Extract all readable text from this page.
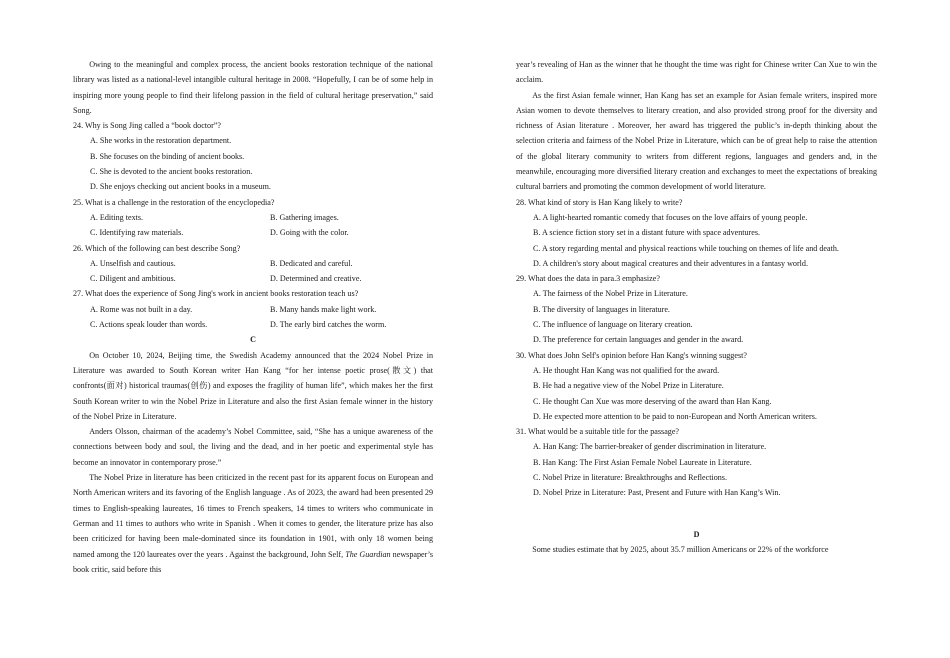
Owing to the meaningful and complex process, the ancient books restoration technique of the national library was listed as a national-level intangible cultural heritage in 2008. “Hopefully, I can be of some help in inspiring more young people to find their lifelong passion in the field of cultural heritage preservation,” said Song.

24. Why is Song Jing called a “book doctor”?

A. She works in the restoration department.

B. She focuses on the binding of ancient books.

C. She is devoted to the ancient books restoration.

D. She enjoys checking out ancient books in a museum.

25. What is a challenge in the restoration of the encyclopedia?

A. Editing texts.	B. Gathering images.
C. Identifying raw materials.	D. Going with the color.

26. Which of the following can best describe Song?

A. Unselfish and cautious.	B. Dedicated and careful.
C. Diligent and ambitious.	D. Determined and creative.

27. What does the experience of Song Jing's work in ancient books restoration teach us?

A. Rome was not built in a day.	B. Many hands make light work.
C. Actions speak louder than words.	D. The early bird catches the worm.

C

On October 10, 2024, Beijing time, the Swedish Academy announced that the 2024 Nobel Prize in Literature was awarded to South Korean writer Han Kang “for her intense poetic prose(散文) that confronts(面对) historical traumas(创伤) and exposes the fragility of human life”, which makes her the first South Korean writer to win the Nobel Prize in Literature and also the first Asian female winner in the history of the Nobel Prize in Literature.

Anders Olsson, chairman of the academy’s Nobel Committee, said, “She has a unique awareness of the connections between body and soul, the living and the dead, and in her poetic and experimental style has become an innovator in contemporary prose.”

The Nobel Prize in literature has been criticized in the recent past for its apparent focus on European and North American writers and its favoring of the English language . As of 2023, the award had been presented 29 times to English-speaking laureates, 16 times to French speakers, 14 times to writers who communicate in German and 11 times to authors who write in Spanish . When it comes to gender, the literature prize has also been criticized for having been male-dominated since its foundation in 1901, with only 18 women being named among the 120 laureates over the years . Against the background, John Self, The Guardian newspaper’s book critic, said before this

year’s revealing of Han as the winner that he thought the time was right for Chinese writer Can Xue to win the acclaim.

As the first Asian female winner, Han Kang has set an example for Asian female writers, inspired more Asian women to devote themselves to literary creation, and also provided strong proof for the diversity and richness of Asian literature . Moreover, her award has triggered the public’s in-depth thinking about the selection criteria and fairness of the Nobel Prize in Literature, which can be of great help to raise the attention of the global literary community to writers from different regions, languages and genders and, in the meanwhile, encouraging more diversified literary creation and exchanges to meet the expectations of breaking cultural barriers and promoting the common development of world literature.

28. What kind of story is Han Kang likely to write?

A. A light-hearted romantic comedy that focuses on the love affairs of young people.

B. A science fiction story set in a distant future with space adventures.

C. A story regarding mental and physical reactions while touching on themes of life and death.

D. A children's story about magical creatures and their adventures in a fantasy world.

29. What does the data in para.3 emphasize?

A. The fairness of the Nobel Prize in Literature.

B. The diversity of languages in literature.

C. The influence of language on literary creation.

D. The preference for certain languages and gender in the award.

30. What does John Self's opinion before Han Kang's winning suggest?

A. He thought Han Kang was not qualified for the award.

B. He had a negative view of the Nobel Prize in Literature.

C. He thought Can Xue was more deserving of the award than Han Kang.

D. He expected more attention to be paid to non-European and North American writers.

31. What would be a suitable title for the passage?

A. Han Kang: The barrier-breaker of gender discrimination in literature.

B. Han Kang: The First Asian Female Nobel Laureate in Literature.

C. Nobel Prize in literature: Breakthroughs and Reflections.

D. Nobel Prize in Literature: Past, Present and Future with Han Kang’s Win.

D

Some studies estimate that by 2025, about 35.7 million Americans or 22% of the workforce
